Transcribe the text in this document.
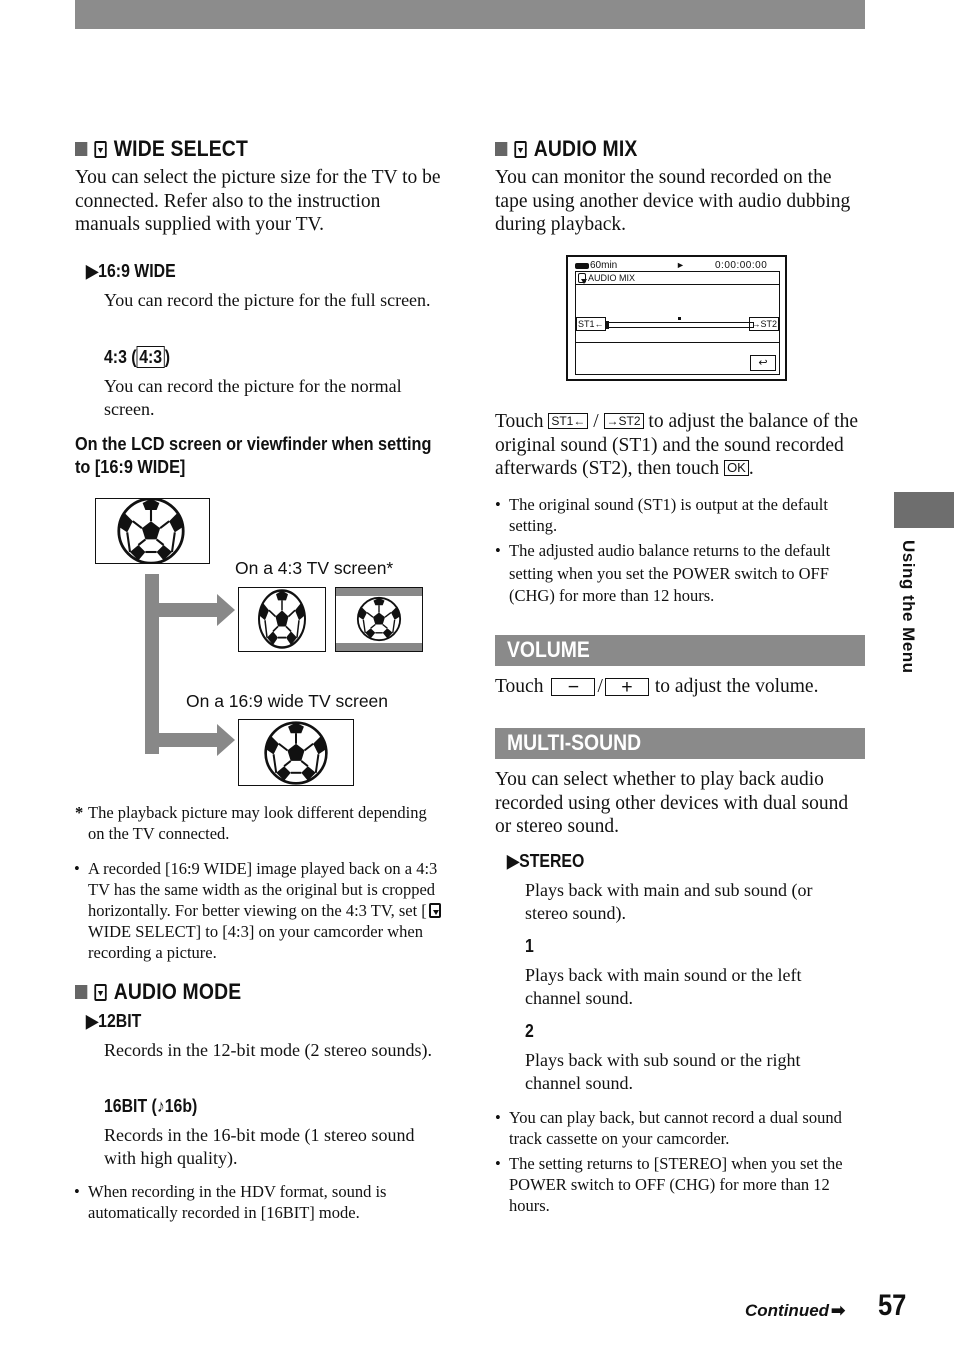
Using the Menu
WIDE SELECT
You can select the picture size for the TV to be connected. Refer also to the instruction manuals supplied with your TV.
▶16:9 WIDE
You can record the picture for the full screen.
4:3 ( 4:3 )
You can record the picture for the normal screen.
On the LCD screen or viewfinder when setting to [16:9 WIDE]
On a 4:3 TV screen*
On a 16:9 wide TV screen
* The playback picture may look different depending on the TV connected.
• A recorded [16:9 WIDE] image played back on a 4:3 TV has the same width as the original but is cropped horizontally. For better viewing on the 4:3 TV, set [ WIDE SELECT] to [4:3] on your camcorder when recording a picture.
AUDIO MODE
▶12BIT
Records in the 12-bit mode (2 stereo sounds).
16BIT (♪16b)
Records in the 16-bit mode (1 stereo sound with high quality).
• When recording in the HDV format, sound is automatically recorded in [16BIT] mode.
AUDIO MIX
You can monitor the sound recorded on the tape using another device with audio dubbing during playback.
60min	►	0:00:00:00
AUDIO MIX
ST1←	→ST2
↩
Touch ST1← / →ST2 to adjust the balance of the original sound (ST1) and the sound recorded afterwards (ST2), then touch OK .
• The original sound (ST1) is output at the default setting.
• The adjusted audio balance returns to the default setting when you set the POWER switch to OFF (CHG) for more than 12 hours.
VOLUME
Touch	− / +	to adjust the volume.
MULTI-SOUND
You can select whether to play back audio recorded using other devices with dual sound or stereo sound.
▶STEREO
Plays back with main and sub sound (or stereo sound).
1
Plays back with main sound or the left channel sound.
2
Plays back with sub sound or the right channel sound.
• You can play back, but cannot record a dual sound track cassette on your camcorder.
• The setting returns to [STEREO] when you set the POWER switch to OFF (CHG) for more than 12 hours.
Continued ➡ 57
